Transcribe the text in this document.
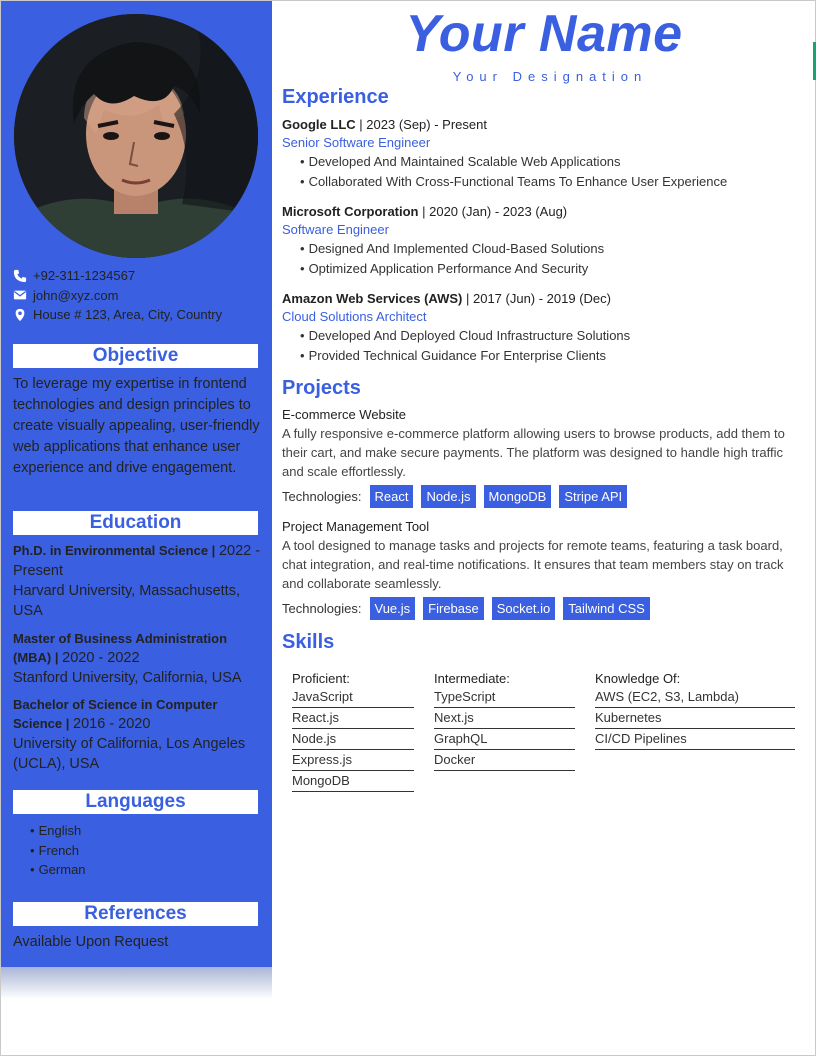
+92-311-1234567
john@xyz.com
House # 123, Area, City, Country
Objective
To leverage my expertise in frontend technologies and design principles to create visually appealing, user-friendly web applications that enhance user experience and drive engagement.
Education
Ph.D. in Environmental Science | 2022 - Present
Harvard University, Massachusetts, USA
Master of Business Administration (MBA) | 2020 - 2022
Stanford University, California, USA
Bachelor of Science in Computer Science | 2016 - 2020
University of California, Los Angeles (UCLA), USA
Languages
• English
• French
• German
References
Available Upon Request
Your Name
Your Designation
Experience
Google LLC | 2023 (Sep) - Present
Senior Software Engineer
• Developed And Maintained Scalable Web Applications
• Collaborated With Cross-Functional Teams To Enhance User Experience
Microsoft Corporation | 2020 (Jan) - 2023 (Aug)
Software Engineer
• Designed And Implemented Cloud-Based Solutions
• Optimized Application Performance And Security
Amazon Web Services (AWS) | 2017 (Jun) - 2019 (Dec)
Cloud Solutions Architect
• Developed And Deployed Cloud Infrastructure Solutions
• Provided Technical Guidance For Enterprise Clients
Projects
E-commerce Website
A fully responsive e-commerce platform allowing users to browse products, add them to their cart, and make secure payments. The platform was designed to handle high traffic and scale effortlessly.
Technologies:	React	Node.js	MongoDB	Stripe API
Project Management Tool
A tool designed to manage tasks and projects for remote teams, featuring a task board, chat integration, and real-time notifications. It ensures that team members stay on track and collaborate seamlessly.
Technologies:	Vue.js	Firebase	Socket.io	Tailwind CSS
Skills
Proficient:
JavaScript
React.js
Node.js
Express.js
MongoDB
Intermediate:
TypeScript
Next.js
GraphQL
Docker
Knowledge Of:
AWS (EC2, S3, Lambda)
Kubernetes
CI/CD Pipelines
